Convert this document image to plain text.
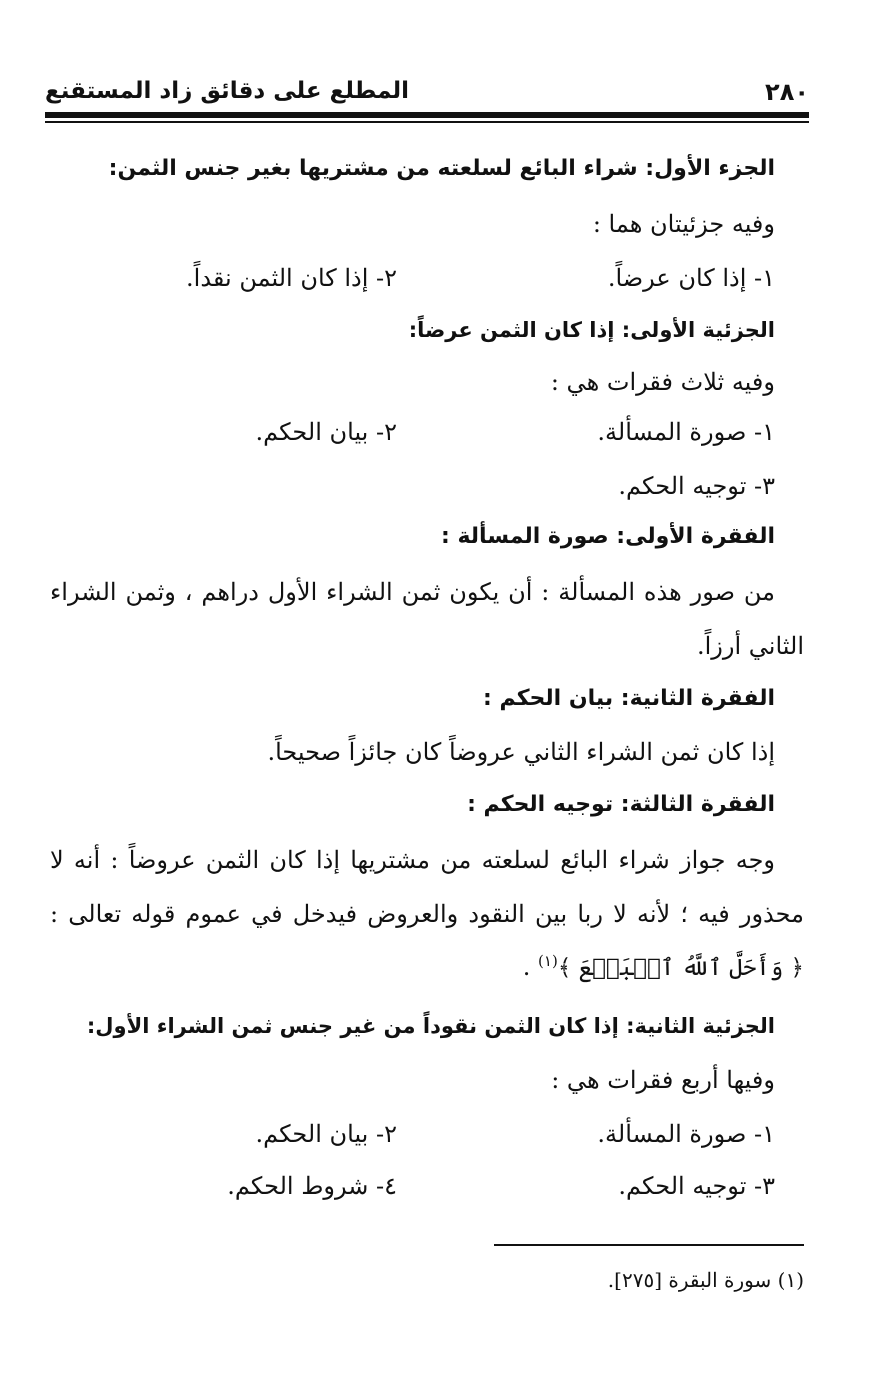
٢٨٠
المطلع على دقائق زاد المستقنع
الجزء الأول: شراء البائع لسلعته من مشتريها بغير جنس الثمن:
وفيه جزئيتان هما :
١- إذا كان عرضاً.
٢- إذا كان الثمن نقداً.
الجزئية الأولى: إذا كان الثمن عرضاً:
وفيه ثلاث فقرات هي :
١- صورة المسألة.
٢- بيان الحكم.
٣- توجيه الحكم.
الفقرة الأولى: صورة المسألة :
من صور هذه المسألة : أن يكون ثمن الشراء الأول دراهم ، وثمن الشراء
الثاني أرزاً.
الفقرة الثانية: بيان الحكم :
إذا كان ثمن الشراء الثاني عروضاً كان جائزاً صحيحاً.
الفقرة الثالثة: توجيه الحكم :
وجه جواز شراء البائع لسلعته من مشتريها إذا كان الثمن عروضاً : أنه لا
محذور فيه ؛ لأنه لا ربا بين النقود والعروض فيدخل في عموم قوله تعالى :
﴿ وَأَحَلَّ ٱللَّهُ ٱلۡبَيۡعَ ﴾$^{(١)}$ .
الجزئية الثانية: إذا كان الثمن نقوداً من غير جنس ثمن الشراء الأول:
وفيها أربع فقرات هي :
١- صورة المسألة.
٢- بيان الحكم.
٣- توجيه الحكم.
٤- شروط الحكم.
(١) سورة البقرة [٢٧٥].
